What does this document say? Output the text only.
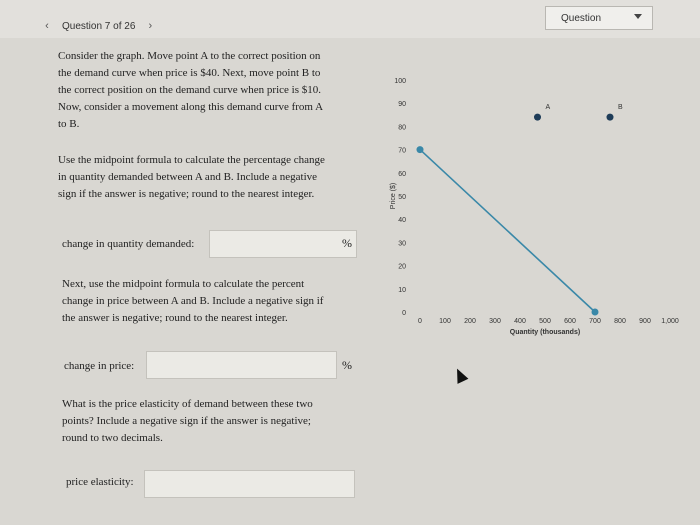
‹	Question 7 of 26	›
Question
Consider the graph. Move point A to the correct position on
the demand curve when price is $40. Next, move point B to
the correct position on the demand curve when price is $10.
Now, consider a movement along this demand curve from A
to B.
Use the midpoint formula to calculate the percentage change
in quantity demanded between A and B. Include a negative
sign if the answer is negative; round to the nearest integer.
change in quantity demanded:	%
Next, use the midpoint formula to calculate the percent
change in price between A and B. Include a negative sign if
the answer is negative; round to the nearest integer.
change in price:	%
What is the price elasticity of demand between these two
points? Include a negative sign if the answer is negative;
round to two decimals.
price elasticity:
0
10
20
30
40
50
60
70
80
90
100
0 100 200 300 400 500 600 700 800 900 1,000
Price ($)
Quantity (thousands)
A	B
